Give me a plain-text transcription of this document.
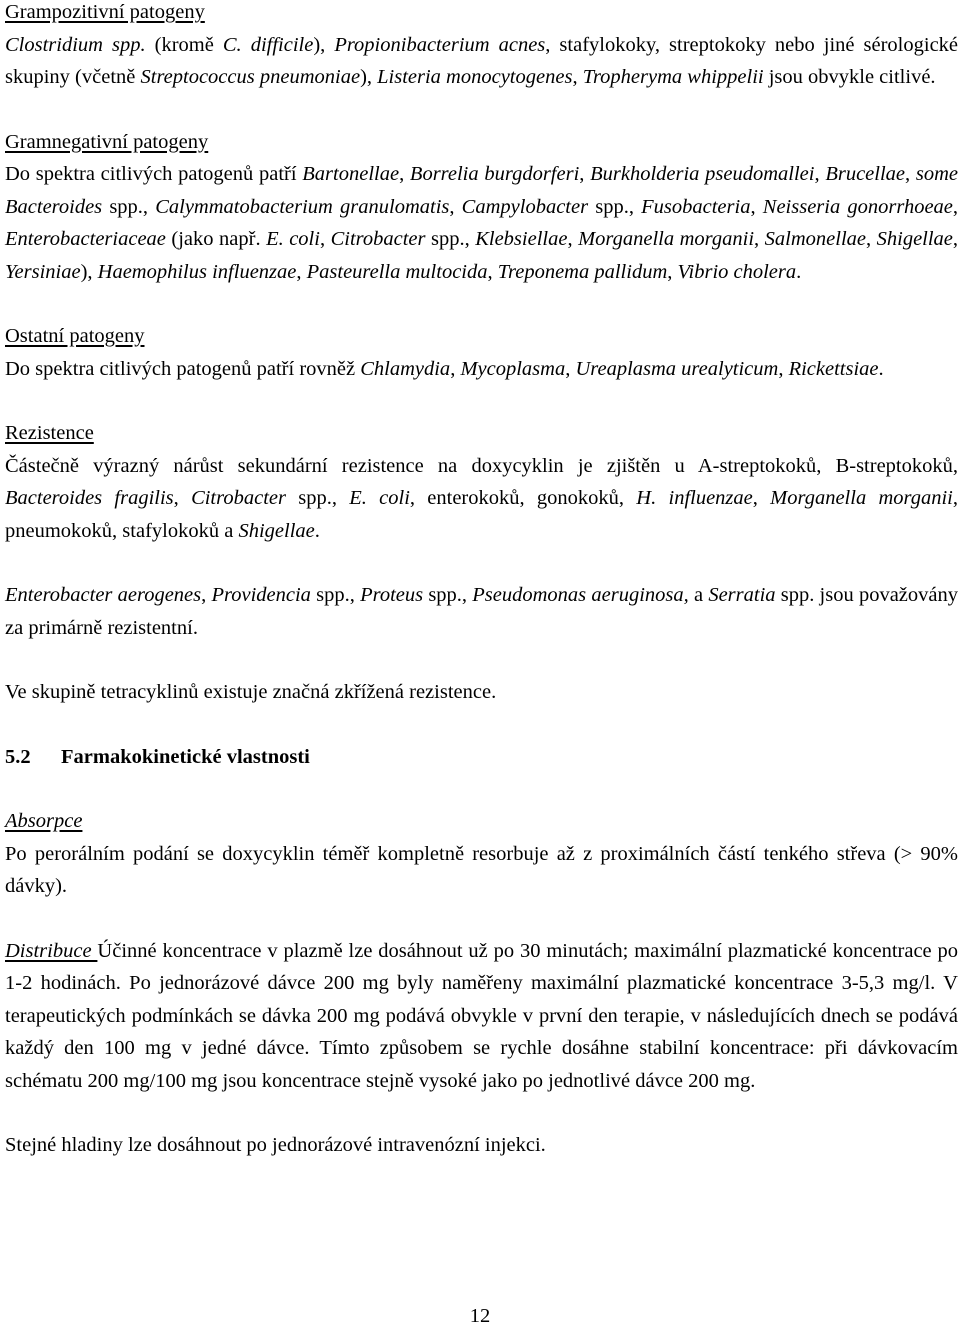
Grampozitivní patogeny

Clostridium spp. (kromě C. difficile), Propionibacterium acnes, stafylokoky, streptokoky nebo jiné sérologické skupiny (včetně Streptococcus pneumoniae), Listeria monocytogenes, Tropheryma whippelii jsou obvykle citlivé.

Gramnegativní patogeny

Do spektra citlivých patogenů patří Bartonellae, Borrelia burgdorferi, Burkholderia pseudomallei, Brucellae, some Bacteroides spp., Calymmatobacterium granulomatis, Campylobacter spp., Fusobacteria, Neisseria gonorrhoeae, Enterobacteriaceae (jako např. E. coli, Citrobacter spp., Klebsiellae, Morganella morganii, Salmonellae, Shigellae, Yersiniae), Haemophilus influenzae, Pasteurella multocida, Treponema pallidum, Vibrio cholera.

Ostatní patogeny

Do spektra citlivých patogenů patří rovněž Chlamydia, Mycoplasma, Ureaplasma urealyticum, Rickettsiae.

Rezistence

Částečně výrazný nárůst sekundární rezistence na doxycyklin je zjištěn u A-streptokoků, B-streptokoků, Bacteroides fragilis, Citrobacter spp., E. coli, enterokoků, gonokoků, H. influenzae, Morganella morganii, pneumokoků, stafylokoků a Shigellae.

Enterobacter aerogenes, Providencia spp., Proteus spp., Pseudomonas aeruginosa, a Serratia spp. jsou považovány za primárně rezistentní.

Ve skupině tetracyklinů existuje značná zkřížená rezistence.

5.2 Farmakokinetické vlastnosti
Absorpce

Po perorálním podání se doxycyklin téměř kompletně resorbuje až z proximálních částí tenkého střeva (> 90% dávky).

Distribuce Účinné koncentrace v plazmě lze dosáhnout už po 30 minutách; maximální plazmatické koncentrace po 1-2 hodinách. Po jednorázové dávce 200 mg byly naměřeny maximální plazmatické koncentrace 3-5,3 mg/l. V terapeutických podmínkách se dávka 200 mg podává obvykle v první den terapie, v následujících dnech se podává každý den 100 mg v jedné dávce. Tímto způsobem se rychle dosáhne stabilní koncentrace: při dávkovacím schématu 200 mg/100 mg jsou koncentrace stejně vysoké jako po jednotlivé dávce 200 mg.

Stejné hladiny lze dosáhnout po jednorázové intravenózní injekci.

12
